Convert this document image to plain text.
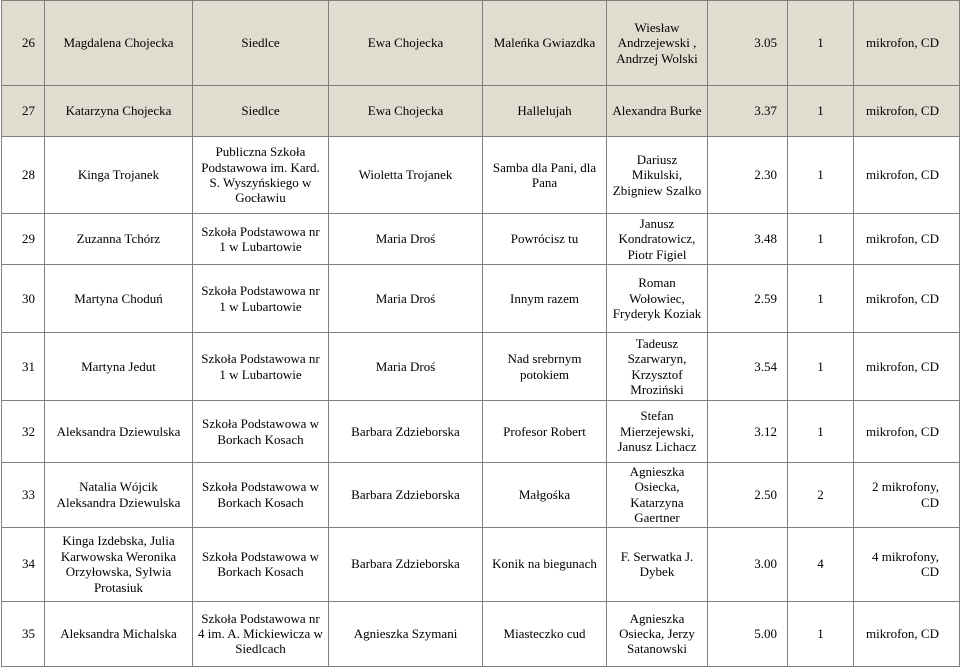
26	Magdalena Chojecka	Siedlce	Ewa Chojecka	Maleńka Gwiazdka	Wiesław Andrzejewski , Andrzej Wolski	3.05	1	mikrofon, CD
27	Katarzyna Chojecka	Siedlce	Ewa Chojecka	Hallelujah	Alexandra Burke	3.37	1	mikrofon, CD
28	Kinga Trojanek	Publiczna Szkoła Podstawowa im. Kard. S. Wyszyńskiego w Gocławiu	Wioletta Trojanek	Samba dla Pani, dla Pana	Dariusz Mikulski, Zbigniew Szalko	2.30	1	mikrofon, CD
29	Zuzanna Tchórz	Szkoła Podstawowa nr 1 w Lubartowie	Maria Droś	Powrócisz tu	Janusz Kondratowicz, Piotr Figiel	3.48	1	mikrofon, CD
30	Martyna Choduń	Szkoła Podstawowa nr 1 w Lubartowie	Maria Droś	Innym razem	Roman Wołowiec, Fryderyk Koziak	2.59	1	mikrofon, CD
31	Martyna Jedut	Szkoła Podstawowa nr 1 w Lubartowie	Maria Droś	Nad srebrnym potokiem	Tadeusz Szarwaryn, Krzysztof Mroziński	3.54	1	mikrofon, CD
32	Aleksandra Dziewulska	Szkoła Podstawowa w Borkach Kosach	Barbara Zdzieborska	Profesor Robert	Stefan Mierzejewski, Janusz Lichacz	3.12	1	mikrofon, CD
33	Natalia Wójcik Aleksandra Dziewulska	Szkoła Podstawowa w Borkach Kosach	Barbara Zdzieborska	Małgośka	Agnieszka Osiecka, Katarzyna Gaertner	2.50	2	2 mikrofony, CD
34	Kinga Izdebska, Julia Karwowska Weronika Orzyłowska, Sylwia Protasiuk	Szkoła Podstawowa w Borkach Kosach	Barbara Zdzieborska	Konik na biegunach	F. Serwatka J. Dybek	3.00	4	4 mikrofony, CD
35	Aleksandra Michalska	Szkoła Podstawowa nr 4 im. A. Mickiewicza w Siedlcach	Agnieszka Szymani	Miasteczko cud	Agnieszka Osiecka, Jerzy Satanowski	5.00	1	mikrofon, CD
